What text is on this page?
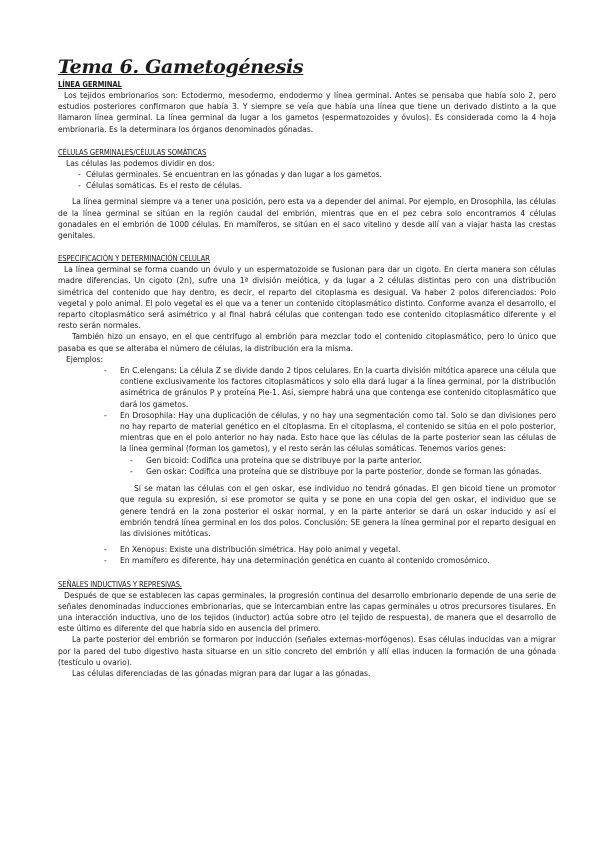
Tema 6. Gametogénesis
LÍNEA GERMINAL

Los tejidos embrionarios son: Ectodermo, mesodermo, endodermo y línea germinal. Antes se pensaba que había solo 2, pero estudios posteriores confirmaron que había 3. Y siempre se veía que había una línea que tiene un derivado distinto a la que llamaron línea germinal. La línea germinal da lugar a los gametos (espermatozoides y óvulos). Es considerada como la 4 hoja embrionaria. Es la determinara los órganos denominados gónadas.

CÉLULAS GERMINALES/CÉLULAS SOMÁTICAS

Las células las podemos dividir en dos:

- Células germinales. Se encuentran en las gónadas y dan lugar a los gametos.

- Células somáticas. Es el resto de células.

La línea germinal siempre va a tener una posición, pero esta va a depender del animal. Por ejemplo, en Drosophila, las células de la línea germinal se sitúan en la región caudal del embrión, mientras que en el pez cebra solo encontramos 4 células gonadales en el embrión de 1000 células. En mamíferos, se sitúan en el saco vitelino y desde allí van a viajar hasta las crestas genitales.

ESPECIFICACIÓN Y DETERMINACIÓN CELULAR

La línea germinal se forma cuando un óvulo y un espermatozoide se fusionan para dar un cigoto. En cierta manera son células madre diferencias. Un cigoto (2n), sufre una 1ª división meiótica, y da lugar a 2 células distintas pero con una distribución simétrica del contenido que hay dentro, es decir, el reparto del citoplasma es desigual. Va haber 2 polos diferenciados: Polo vegetal y polo animal. El polo vegetal es el que va a tener un contenido citoplasmático distinto. Conforme avanza el desarrollo, el reparto citoplasmático será asimétrico y al final habrá células que contengan todo ese contenido citoplasmático diferente y el resto serán normales.

También hizo un ensayo, en el que centrifugo al embrión para mezclar todo el contenido citoplasmático, pero lo único que pasaba es que se alteraba el número de células, la distribución era la misma.

Ejemplos:

- En C.elengans: La célula Z se divide dando 2 tipos celulares. En la cuarta división mitótica aparece una célula que contiene exclusivamente los factores citoplasmáticos y solo ella dará lugar a la línea germinal, por la distribución asimétrica de gránulos P y proteína Pie-1. Así, siempre habrá una que contenga ese contenido citoplasmático que dará los gametos.

- En Drosophila: Hay una duplicación de células, y no hay una segmentación como tal. Solo se dan divisiones pero no hay reparto de material genético en el citoplasma. En el citoplasma, el contenido se sitúa en el polo posterior, mientras que en el polo anterior no hay nada. Esto hace que las células de la parte posterior sean las células de la línea germinal (forman los gametos), y el resto serán las células somáticas. Tenemos varios genes:

- Gen bicoid: Codifica una proteína que se distribuye por la parte anterior.

- Gen oskar: Codifica una proteína que se distribuye por la parte posterior, donde se forman las gónadas.

Si se matan las células con el gen oskar, ese individuo no tendrá gónadas. El gen bicoid tiene un promotor que regula su expresión, si ese promotor se quita y se pone en una copia del gen oskar, el individuo que se genere tendrá en la zona posterior el oskar normal, y en la parte anterior se dará un oskar inducido y así el embrión tendrá línea germinal en los dos polos. Conclusión: SE genera la línea germinal por el reparto desigual en las divisiones mitóticas.

- En Xenopus: Existe una distribución simétrica. Hay polo animal y vegetal.

- En mamífero es diferente, hay una determinación genética en cuanto al contenido cromosómico.

SEÑALES INDUCTIVAS Y REPRESIVAS.

Después de que se establecen las capas germinales, la progresión continua del desarrollo embrionario depende de una serie de señales denominadas inducciones embrionarias, que se intercambian entre las capas germinales u otros precursores tisulares. En una interacción inductiva, uno de los tejidos (inductor) actúa sobre otro (el tejido de respuesta), de manera que el desarrollo de este último es diferente del que habría sido en ausencia del primero.

La parte posterior del embrión se formaron por inducción (señales externas-morfógenos). Esas células inducidas van a migrar por la pared del tubo digestivo hasta situarse en un sitio concreto del embrión y allí ellas inducen la formación de una gónada (testículo u ovario).

Las células diferenciadas de las gónadas migran para dar lugar a las gónadas.
